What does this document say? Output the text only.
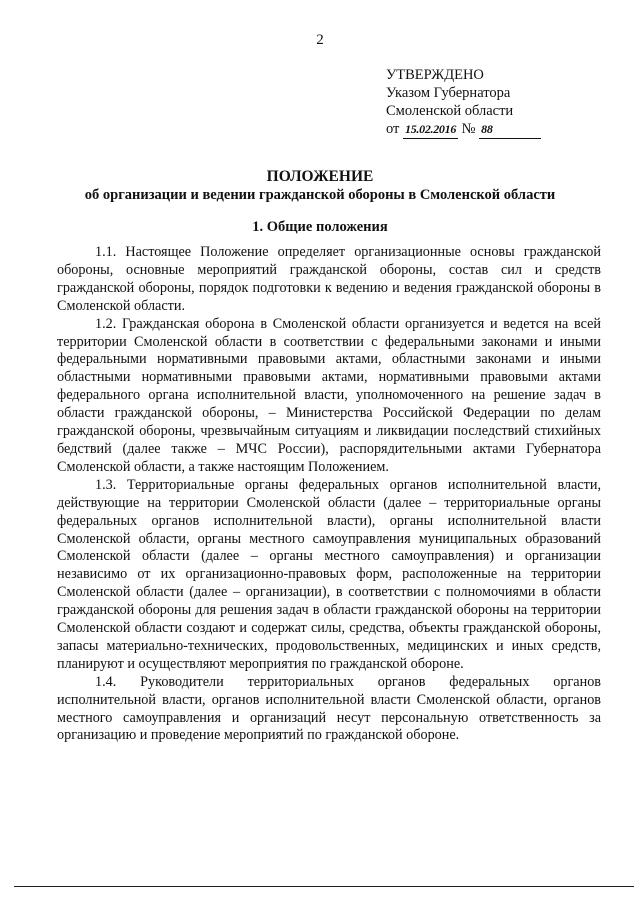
2
УТВЕРЖДЕНО
Указом Губернатора
Смоленской области
от 15.02.2016 № 88
ПОЛОЖЕНИЕ
об организации и ведении гражданской обороны в Смоленской области
1. Общие положения

1.1. Настоящее Положение определяет организационные основы гражданской обороны, основные мероприятий гражданской обороны, состав сил и средств гражданской обороны, порядок подготовки к ведению и ведения гражданской обороны в Смоленской области.

1.2. Гражданская оборона в Смоленской области организуется и ведется на всей территории Смоленской области в соответствии с федеральными законами и иными федеральными нормативными правовыми актами, областными законами и иными областными нормативными правовыми актами, нормативными правовыми актами федерального органа исполнительной власти, уполномоченного на решение задач в области гражданской обороны, – Министерства Российской Федерации по делам гражданской обороны, чрезвычайным ситуациям и ликвидации последствий стихийных бедствий (далее также – МЧС России), распорядительными актами Губернатора Смоленской области, а также настоящим Положением.

1.3. Территориальные органы федеральных органов исполнительной власти, действующие на территории Смоленской области (далее – территориальные органы федеральных органов исполнительной власти), органы исполнительной власти Смоленской области, органы местного самоуправления муниципальных образований Смоленской области (далее – органы местного самоуправления) и организации независимо от их организационно-правовых форм, расположенные на территории Смоленской области (далее – организации), в соответствии с полномочиями в области гражданской обороны для решения задач в области гражданской обороны на территории Смоленской области создают и содержат силы, средства, объекты гражданской обороны, запасы материально-технических, продовольственных, медицинских и иных средств, планируют и осуществляют мероприятия по гражданской обороне.

1.4. Руководители территориальных органов федеральных органов исполнительной власти, органов исполнительной власти Смоленской области, органов местного самоуправления и организаций несут персональную ответственность за организацию и проведение мероприятий по гражданской обороне.
